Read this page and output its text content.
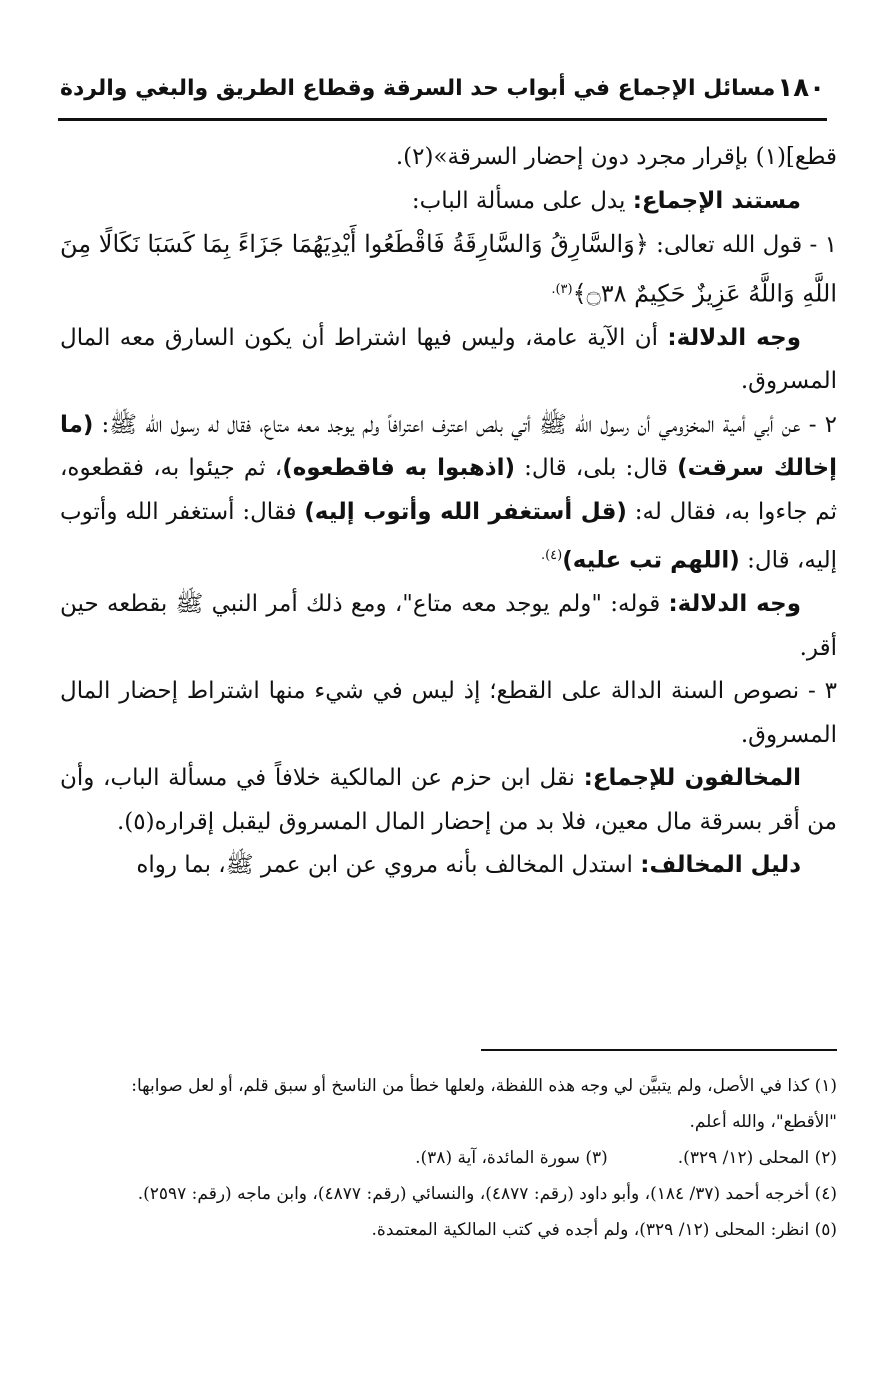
١٨٠
مسائل الإجماع في أبواب حد السرقة وقطاع الطريق والبغي والردة

قطع](١) بإقرار مجرد دون إحضار السرقة»(٢).

مستند الإجماع: يدل على مسألة الباب:

١ - قول الله تعالى: ﴿وَالسَّارِقُ وَالسَّارِقَةُ فَاقْطَعُوا أَيْدِيَهُمَا جَزَاءً بِمَا كَسَبَا نَكَالًا مِنَ اللَّهِ وَاللَّهُ عَزِيزٌ حَكِيمٌ ۝٣٨﴾$^{(٣).}$

وجه الدلالة: أن الآية عامة، وليس فيها اشتراط أن يكون السارق معه المال المسروق.

٢ - عن أبي أمية المخزومي أن رسول الله ﷺ أتي بلص اعترف اعترافاً ولم يوجد معه متاع، فقال له رسول الله ﷺ: (ما إخالك سرقت) قال: بلى، قال: (اذهبوا به فاقطعوه)، ثم جيئوا به، فقطعوه، ثم جاءوا به، فقال له: (قل أستغفر الله وأتوب إليه) فقال: أستغفر الله وأتوب إليه، قال: (اللهم تب عليه)$^{(٤).}$

وجه الدلالة: قوله: "ولم يوجد معه متاع"، ومع ذلك أمر النبي ﷺ بقطعه حين أقر.

٣ - نصوص السنة الدالة على القطع؛ إذ ليس في شيء منها اشتراط إحضار المال المسروق.

المخالفون للإجماع: نقل ابن حزم عن المالكية خلافاً في مسألة الباب، وأن من أقر بسرقة مال معين، فلا بد من إحضار المال المسروق ليقبل إقراره(٥).

دليل المخالف: استدل المخالف بأنه مروي عن ابن عمر ﷺ، بما رواه

(١) كذا في الأصل، ولم يتبيَّن لي وجه هذه اللفظة، ولعلها خطأ من الناسخ أو سبق قلم، أو لعل صوابها: "الأقطع"، والله أعلم.

(٢) المحلى (١٢/ ٣٢٩).
(٣) سورة المائدة، آية (٣٨).

(٤) أخرجه أحمد (٣٧/ ١٨٤)، وأبو داود (رقم: ٤٨٧٧)، والنسائي (رقم: ٤٨٧٧)، وابن ماجه (رقم: ٢٥٩٧).

(٥) انظر: المحلى (١٢/ ٣٢٩)، ولم أجده في كتب المالكية المعتمدة.
